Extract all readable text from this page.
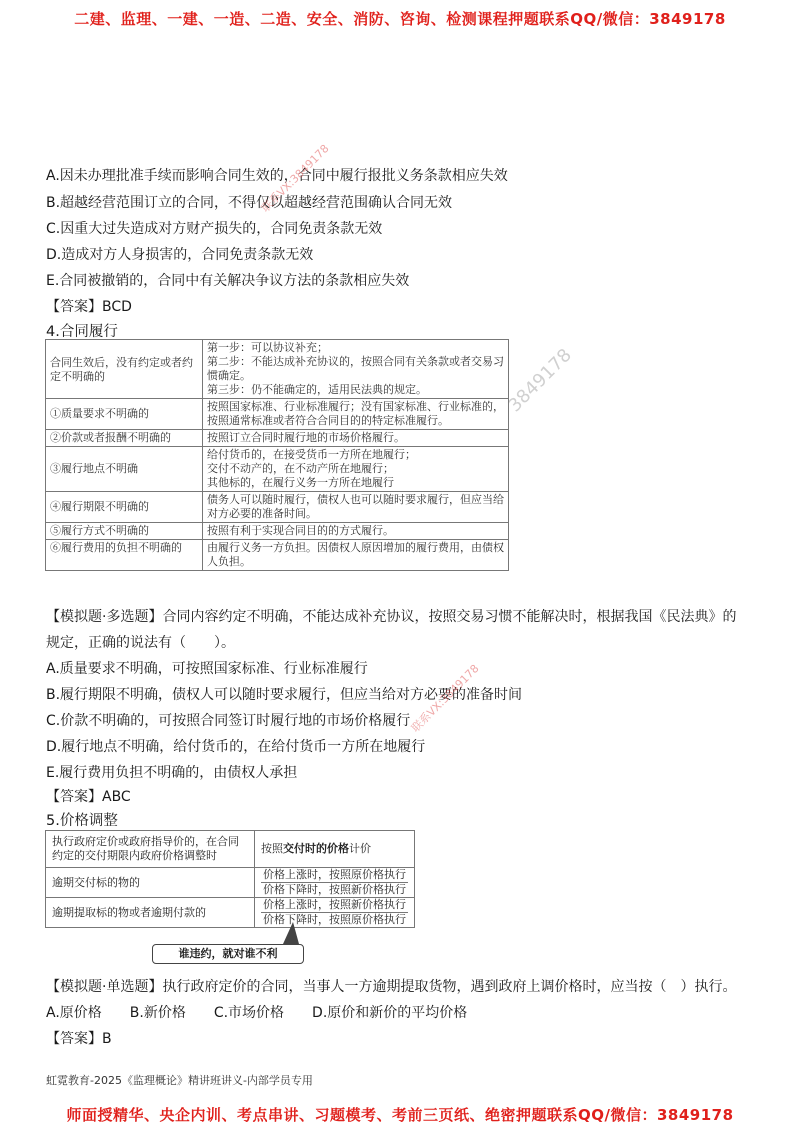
二建、监理、一建、一造、二造、安全、消防、咨询、检测课程押题联系QQ/微信：3849178
A.因未办理批准手续而影响合同生效的，合同中履行报批义务条款相应失效
B.超越经营范围订立的合同，不得仅以超越经营范围确认合同无效
C.因重大过失造成对方财产损失的，合同免责条款无效
D.造成对方人身损害的，合同免责条款无效
E.合同被撤销的，合同中有关解决争议方法的条款相应失效
【答案】BCD
4.合同履行
合同生效后，没有约定或者约定不明确的	第一步：可以协议补充；
第二步：不能达成补充协议的，按照合同有关条款或者交易习惯确定。
第三步：仍不能确定的，适用民法典的规定。
①质量要求不明确的	按照国家标准、行业标准履行；没有国家标准、行业标准的，按照通常标准或者符合合同目的的特定标准履行。
②价款或者报酬不明确的	按照订立合同时履行地的市场价格履行。
③履行地点不明确	给付货币的，在接受货币一方所在地履行；
交付不动产的，在不动产所在地履行；
其他标的，在履行义务一方所在地履行
④履行期限不明确的	债务人可以随时履行，债权人也可以随时要求履行，但应当给对方必要的准备时间。
⑤履行方式不明确的	按照有利于实现合同目的的方式履行。
⑥履行费用的负担不明确的	由履行义务一方负担。因债权人原因增加的履行费用，由债权人负担。
【模拟题·多选题】合同内容约定不明确，不能达成补充协议，按照交易习惯不能解决时，根据我国《民法典》的
规定，正确的说法有（　　）。
A.质量要求不明确，可按照国家标准、行业标准履行
B.履行期限不明确，债权人可以随时要求履行，但应当给对方必要的准备时间
C.价款不明确的，可按照合同签订时履行地的市场价格履行
D.履行地点不明确，给付货币的，在给付货币一方所在地履行
E.履行费用负担不明确的，由债权人承担
【答案】ABC
5.价格调整
执行政府定价或政府指导价的，在合同约定的交付期限内政府价格调整时	按照交付时的价格计价
逾期交付标的物的	价格上涨时，按照原价格执行
价格下降时，按照新价格执行

逾期提取标的物或者逾期付款的	价格上涨时，按照新价格执行
价格下降时，按照原价格执行
谁违约，就对谁不利
【模拟题·单选题】执行政府定价的合同，当事人一方逾期提取货物，遇到政府上调价格时，应当按（　）执行。
A.原价格　　B.新价格　　C.市场价格　　D.原价和新价的平均价格
【答案】B
虹霓教育-2025《监理概论》精讲班讲义-内部学员专用
师面授精华、央企内训、考点串讲、习题模考、考前三页纸、绝密押题联系QQ/微信：3849178
联系VX:3849178
联系VX:3849178
3849178
